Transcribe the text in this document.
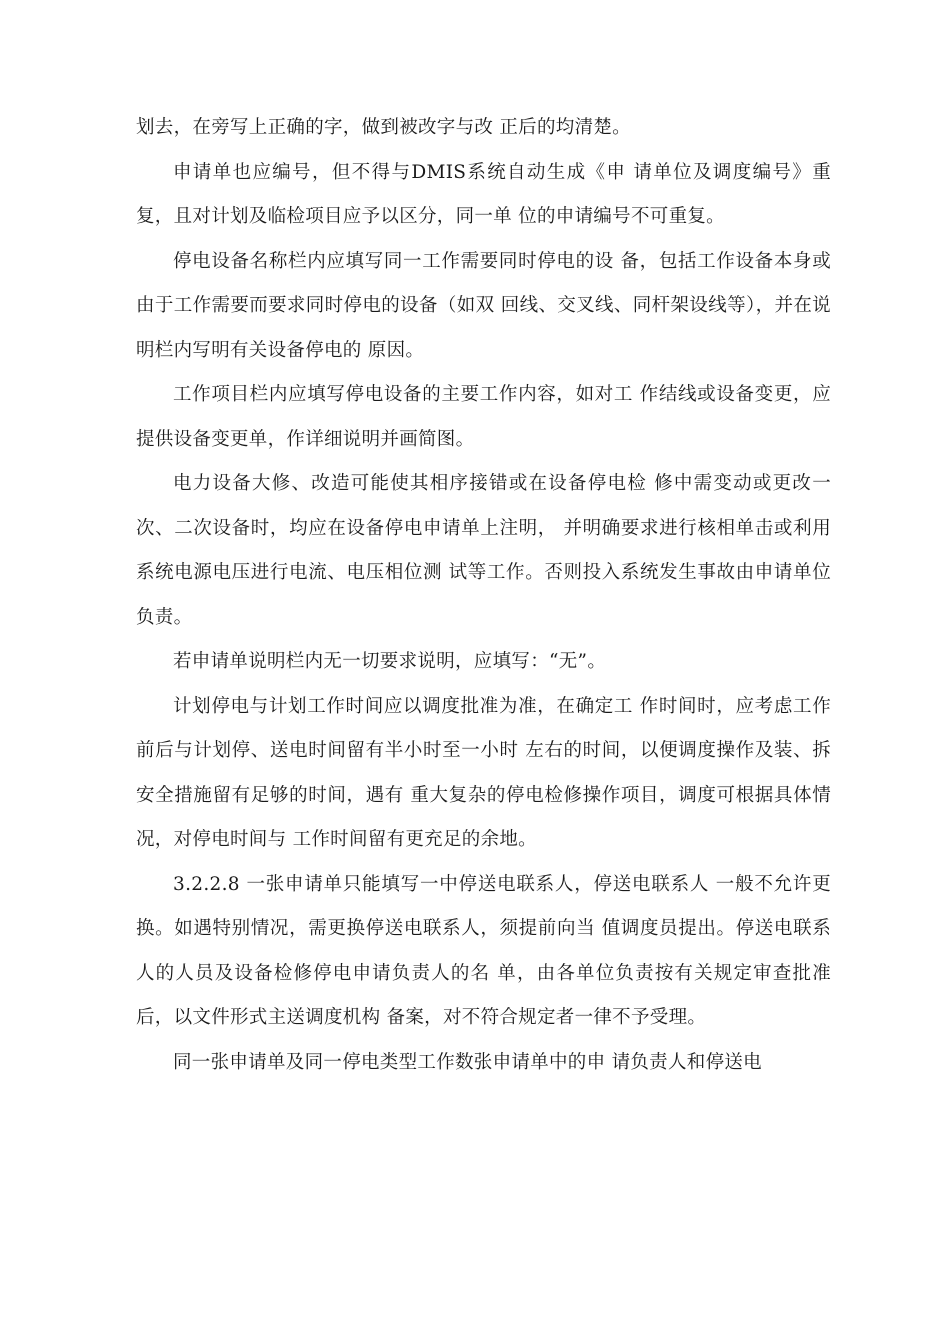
划去，在旁写上正确的字，做到被改字与改 正后的均清楚。

申请单也应编号，但不得与DMIS系统自动生成《申 请单位及调度编号》重复，且对计划及临检项目应予以区分，同一单 位的申请编号不可重复。

停电设备名称栏内应填写同一工作需要同时停电的设 备，包括工作设备本身或由于工作需要而要求同时停电的设备（如双 回线、交叉线、同杆架设线等），并在说明栏内写明有关设备停电的 原因。

工作项目栏内应填写停电设备的主要工作内容，如对工 作结线或设备变更，应提供设备变更单，作详细说明并画简图。

电力设备大修、改造可能使其相序接错或在设备停电检 修中需变动或更改一次、二次设备时，均应在设备停电申请单上注明， 并明确要求进行核相单击或利用系统电源电压进行电流、电压相位测 试等工作。否则投入系统发生事故由申请单位负责。

若申请单说明栏内无一切要求说明，应填写：“无”。

计划停电与计划工作时间应以调度批准为准，在确定工 作时间时，应考虑工作前后与计划停、送电时间留有半小时至一小时 左右的时间，以便调度操作及装、拆安全措施留有足够的时间，遇有 重大复杂的停电检修操作项目，调度可根据具体情况，对停电时间与 工作时间留有更充足的余地。

3.2.2.8 一张申请单只能填写一中停送电联系人，停送电联系人 一般不允许更换。如遇特别情况，需更换停送电联系人，须提前向当 值调度员提出。停送电联系人的人员及设备检修停电申请负责人的名 单，由各单位负责按有关规定审查批准后，以文件形式主送调度机构 备案，对不符合规定者一律不予受理。

同一张申请单及同一停电类型工作数张申请单中的申 请负责人和停送电
